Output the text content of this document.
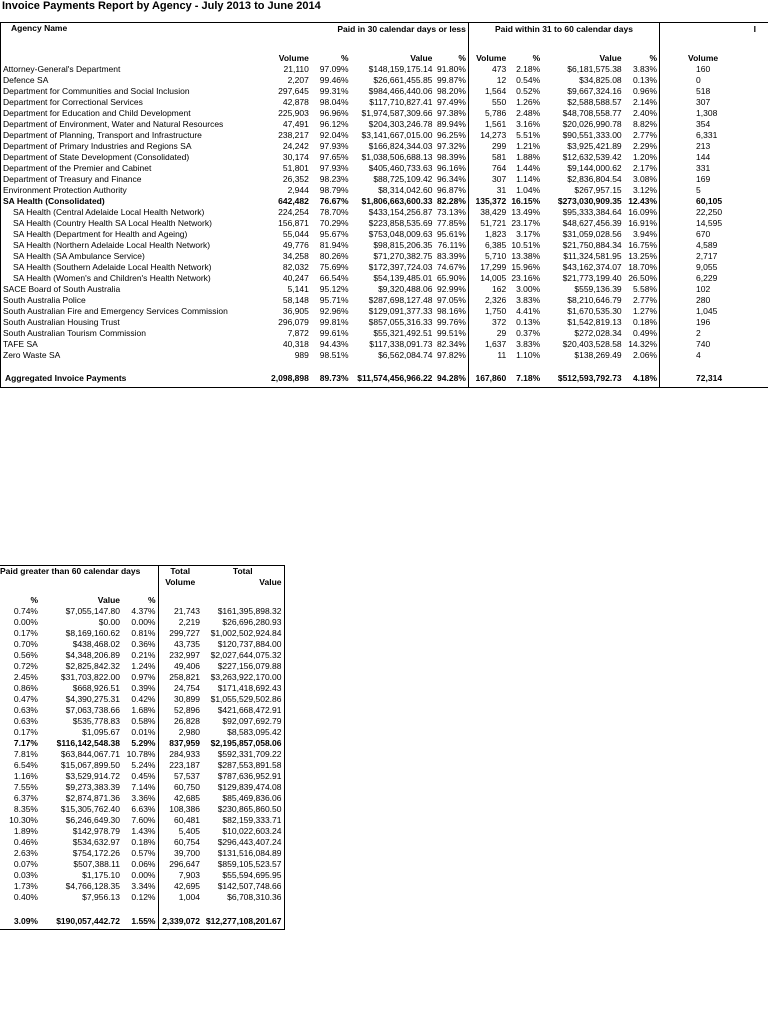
Invoice Payments Report by Agency - July 2013 to June 2014
Agency Name	Paid in 30 calendar days or less				Paid within 31 to 60 calendar days				I

	Volume	%	Value	%	Volume	%	Value	%	Volume
Attorney-General's Department	21,110	97.09%	$148,159,175.14	91.80%	473	2.18%	$6,181,575.38	3.83%	160
Defence SA	2,207	99.46%	$26,661,455.85	99.87%	12	0.54%	$34,825.08	0.13%	0
Department for Communities and Social Inclusion	297,645	99.31%	$984,466,440.06	98.20%	1,564	0.52%	$9,667,324.16	0.96%	518
Department for Correctional Services	42,878	98.04%	$117,710,827.41	97.49%	550	1.26%	$2,588,588.57	2.14%	307
Department for Education and Child Development	225,903	96.96%	$1,974,587,309.66	97.38%	5,786	2.48%	$48,708,558.77	2.40%	1,308
Department of Environment, Water and Natural Resources	47,491	96.12%	$204,303,246.78	89.94%	1,561	3.16%	$20,026,990.78	8.82%	354
Department of Planning, Transport and Infrastructure	238,217	92.04%	$3,141,667,015.00	96.25%	14,273	5.51%	$90,551,333.00	2.77%	6,331
Department of Primary Industries and Regions SA	24,242	97.93%	$166,824,344.03	97.32%	299	1.21%	$3,925,421.89	2.29%	213
Department of State Development (Consolidated)	30,174	97.65%	$1,038,506,688.13	98.39%	581	1.88%	$12,632,539.42	1.20%	144
Department of the Premier and Cabinet	51,801	97.93%	$405,460,733.63	96.16%	764	1.44%	$9,144,000.62	2.17%	331
Department of Treasury and Finance	26,352	98.23%	$88,725,109.42	96.34%	307	1.14%	$2,836,804.54	3.08%	169
Environment Protection Authority	2,944	98.79%	$8,314,042.60	96.87%	31	1.04%	$267,957.15	3.12%	5
SA Health (Consolidated)	642,482	76.67%	$1,806,663,600.33	82.28%	135,372	16.15%	$273,030,909.35	12.43%	60,105
SA Health (Central Adelaide Local Health Network)	224,254	78.70%	$433,154,256.87	73.13%	38,429	13.49%	$95,333,384.64	16.09%	22,250
SA Health (Country Health SA Local Health Network)	156,871	70.29%	$223,858,535.69	77.85%	51,721	23.17%	$48,627,456.39	16.91%	14,595
SA Health (Department for Health and Ageing)	55,044	95.67%	$753,048,009.63	95.61%	1,823	3.17%	$31,059,028.56	3.94%	670
SA Health (Northern Adelaide Local Health Network)	49,776	81.94%	$98,815,206.35	76.11%	6,385	10.51%	$21,750,884.34	16.75%	4,589
SA Health (SA Ambulance Service)	34,258	80.26%	$71,270,382.75	83.39%	5,710	13.38%	$11,324,581.95	13.25%	2,717
SA Health (Southern Adelaide Local Health Network)	82,032	75.69%	$172,397,724.03	74.67%	17,299	15.96%	$43,162,374.07	18.70%	9,055
SA Health (Women's and Children's Health Network)	40,247	66.54%	$54,139,485.01	65.90%	14,005	23.16%	$21,773,199.40	26.50%	6,229
SACE Board of South Australia	5,141	95.12%	$9,320,488.06	92.99%	162	3.00%	$559,136.39	5.58%	102
South Australia Police	58,148	95.71%	$287,698,127.48	97.05%	2,326	3.83%	$8,210,646.79	2.77%	280
South Australian Fire and Emergency Services Commission	36,905	92.96%	$129,091,377.33	98.16%	1,750	4.41%	$1,670,535.30	1.27%	1,045
South Australian Housing Trust	296,079	99.81%	$857,055,316.33	99.76%	372	0.13%	$1,542,819.13	0.18%	196
South Australian Tourism Commission	7,872	99.61%	$55,321,492.51	99.51%	29	0.37%	$272,028.34	0.49%	2
TAFE SA	40,318	94.43%	$117,338,091.73	82.34%	1,637	3.83%	$20,403,528.58	14.32%	740
Zero Waste SA	989	98.51%	$6,562,084.74	97.82%	11	1.10%	$138,269.49	2.06%	4

Aggregated Invoice Payments	2,098,898	89.73%	$11,574,456,966.22	94.28%	167,860	7.18%	$512,593,792.73	4.18%	72,314
Paid greater than 60 calendar days			Total	Total
			Volume	Value
%	Value	%		
0.74%	$7,055,147.80	4.37%	21,743	$161,395,898.32
0.00%	$0.00	0.00%	2,219	$26,696,280.93
0.17%	$8,169,160.62	0.81%	299,727	$1,002,502,924.84
0.70%	$438,468.02	0.36%	43,735	$120,737,884.00
0.56%	$4,348,206.89	0.21%	232,997	$2,027,644,075.32
0.72%	$2,825,842.32	1.24%	49,406	$227,156,079.88
2.45%	$31,703,822.00	0.97%	258,821	$3,263,922,170.00
0.86%	$668,926.51	0.39%	24,754	$171,418,692.43
0.47%	$4,390,275.31	0.42%	30,899	$1,055,529,502.86
0.63%	$7,063,738.66	1.68%	52,896	$421,668,472.91
0.63%	$535,778.83	0.58%	26,828	$92,097,692.79
0.17%	$1,095.67	0.01%	2,980	$8,583,095.42
7.17%	$116,142,548.38	5.29%	837,959	$2,195,857,058.06
7.81%	$63,844,067.71	10.78%	284,933	$592,331,709.22
6.54%	$15,067,899.50	5.24%	223,187	$287,553,891.58
1.16%	$3,529,914.72	0.45%	57,537	$787,636,952.91
7.55%	$9,273,383.39	7.14%	60,750	$129,839,474.08
6.37%	$2,874,871.36	3.36%	42,685	$85,469,836.06
8.35%	$15,305,762.40	6.63%	108,386	$230,865,860.50
10.30%	$6,246,649.30	7.60%	60,481	$82,159,333.71
1.89%	$142,978.79	1.43%	5,405	$10,022,603.24
0.46%	$534,632.97	0.18%	60,754	$296,443,407.24
2.63%	$754,172.26	0.57%	39,700	$131,516,084.89
0.07%	$507,388.11	0.06%	296,647	$859,105,523.57
0.03%	$1,175.10	0.00%	7,903	$55,594,695.95
1.73%	$4,766,128.35	3.34%	42,695	$142,507,748.66
0.40%	$7,956.13	0.12%	1,004	$6,708,310.36

3.09%	$190,057,442.72	1.55%	2,339,072	$12,277,108,201.67
